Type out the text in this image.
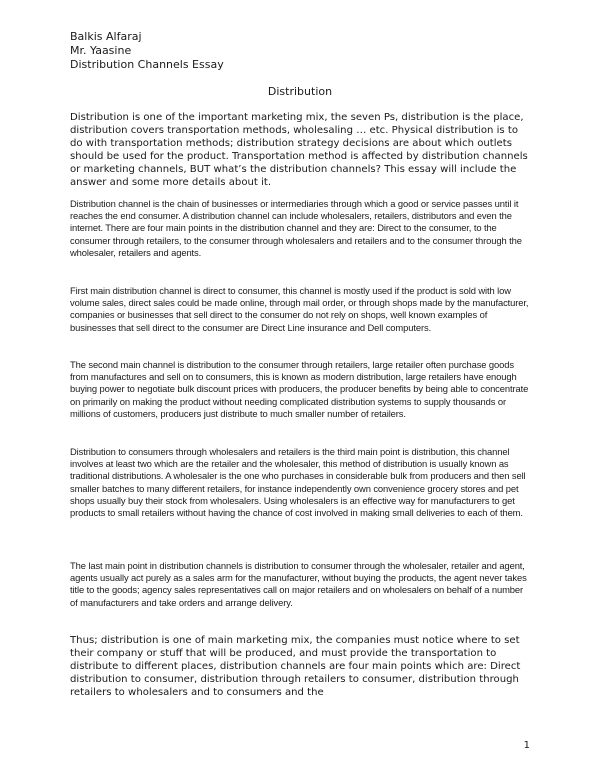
Balkis Alfaraj
Mr. Yaasine
Distribution Channels Essay
Distribution

Distribution is one of the important marketing mix, the seven Ps, distribution is the place, distribution covers transportation methods, wholesaling … etc. Physical distribution is to do with transportation methods; distribution strategy decisions are about which outlets should be used for the product. Transportation method is affected by distribution channels or marketing channels, BUT what’s the distribution channels? This essay will include the answer and some more details about it.

Distribution channel is the chain of businesses or intermediaries through which a good or service passes until it reaches the end consumer. A distribution channel can include wholesalers, retailers, distributors and even the internet. There are four main points in the distribution channel and they are: Direct to the consumer, to the consumer through retailers, to the consumer through wholesalers and retailers and to the consumer through the wholesaler, retailers and agents.

First main distribution channel is direct to consumer, this channel is mostly used if the product is sold with low volume sales, direct sales could be made online, through mail order, or through shops made by the manufacturer, companies or businesses that sell direct to the consumer do not rely on shops, well known examples of businesses that sell direct to the consumer are Direct Line insurance and Dell computers.

The second main channel is distribution to the consumer through retailers, large retailer often purchase goods from manufactures and sell on to consumers, this is known as modern distribution, large retailers have enough buying power to negotiate bulk discount prices with producers, the producer benefits by being able to concentrate on primarily on making the product without needing complicated distribution systems to supply thousands or millions of customers, producers just distribute to much smaller number of retailers.

Distribution to consumers through wholesalers and retailers is the third main point is distribution, this channel involves at least two which are the retailer and the wholesaler, this method of distribution is usually known as traditional distributions. A wholesaler is the one who purchases in considerable bulk from producers and then sell smaller batches to many different retailers, for instance independently own convenience grocery stores and pet shops usually buy their stock from wholesalers. Using wholesalers is an effective way for manufacturers to get products to small retailers without having the chance of cost involved in making small deliveries to each of them.

The last main point in distribution channels is distribution to consumer through the wholesaler, retailer and agent, agents usually act purely as a sales arm for the manufacturer, without buying the products, the agent never takes title to the goods; agency sales representatives call on major retailers and on wholesalers on behalf of a number of manufacturers and take orders and arrange delivery.

Thus; distribution is one of main marketing mix, the companies must notice where to set their company or stuff that will be produced, and must provide the transportation to distribute to different places, distribution channels are four main points which are: Direct distribution to consumer, distribution through retailers to consumer, distribution through retailers to wholesalers and to consumers and the

1
